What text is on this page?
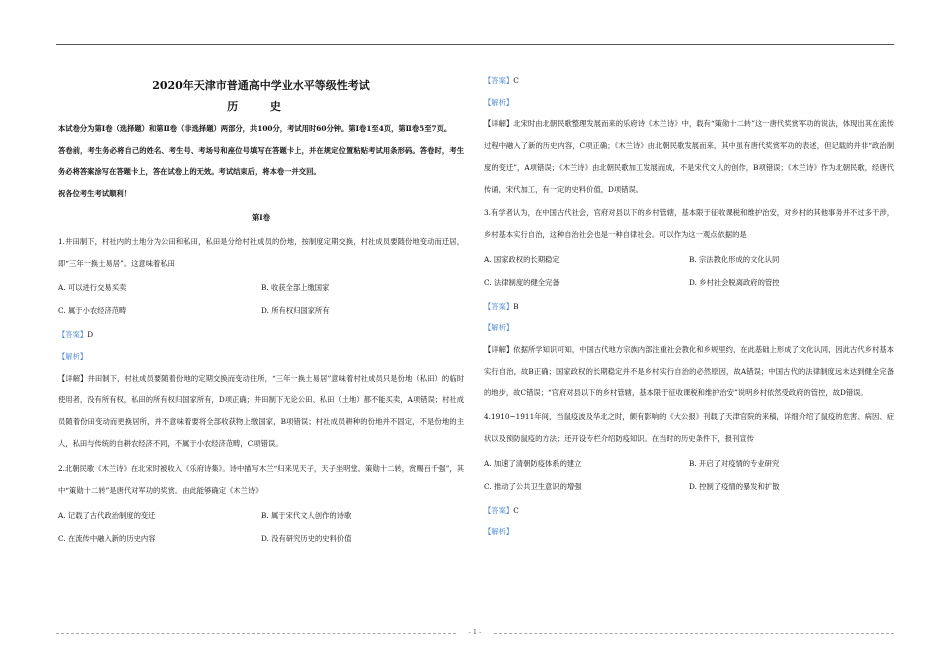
2020年天津市普通高中学业水平等级性考试
历 史

本试卷分为第Ⅰ卷（选择题）和第Ⅱ卷（非选择题）两部分，共100分，考试用时60分钟。第Ⅰ卷1至4页，第Ⅱ卷5至7页。

答卷前，考生务必将自己的姓名、考生号、考场号和座位号填写在答题卡上，并在规定位置粘贴考试用条形码。答卷时，考生务必将答案涂写在答题卡上，答在试卷上的无效。考试结束后，将本卷一并交回。

祝各位考生考试顺利！

第Ⅰ卷

1.井田制下，村社内的土地分为公田和私田，私田是分给村社成员的份地，按制度定期交换，村社成员要随份地变动而迁居，即“三年一换土易居”。这意味着私田

A. 可以进行交易买卖	B. 收获全部上缴国家
C. 属于小农经济范畴	D. 所有权归国家所有

【答案】D

【解析】

【详解】井田制下，村社成员要随着份地的定期交换而变动住所，“三年一换土易居”意味着村社成员只是份地（私田）的临时使用者，没有所有权，私田的所有权归国家所有，D项正确；井田制下无论公田、私田（土地）都不能买卖，A项错误；村社成员随着份田变动而更换居所，并不意味着要将全部收获物上缴国家，B项错误；村社成员耕种的份地并不固定，不是份地的主人，私田与传统的自耕农经济不同，不属于小农经济范畴，C项错误。

2.北朝民歌《木兰诗》在北宋时被收入《乐府诗集》。诗中描写木兰“归来见天子，天子坐明堂。策勋十二转，赏赐百千强”，其中“策勋十二转”是唐代对军功的奖赏。由此能够确定《木兰诗》

A. 记载了古代政治制度的变迁	B. 属于宋代文人创作的诗歌
C. 在流传中融入新的历史内容	D. 没有研究历史的史料价值

【答案】C

【解析】

【详解】北宋时由北朝民歌整理发展而来的乐府诗《木兰诗》中，载有“策勋十二转”这一唐代奖赏军功的说法，体现出其在流传过程中融入了新的历史内容，C项正确；《木兰诗》由北朝民歌发展而来，其中虽有唐代奖赏军功的表述，但记载的并非“政治制度的变迁”，A项错误；《木兰诗》由北朝民歌加工发展而成，不是宋代文人的创作，B项错误；《木兰诗》作为北朝民歌，经唐代传诵，宋代加工，有一定的史料价值，D项错误。

3.有学者认为，在中国古代社会，官府对县以下的乡村管辖，基本限于征收课税和维护治安，对乡村的其他事务并不过多干涉，乡村基本实行自治，这种自治社会也是一种自律社会。可以作为这一观点依据的是

A. 国家政权的长期稳定	B. 宗法教化形成的文化认同
C. 法律制度的健全完备	D. 乡村社会脱离政府的管控

【答案】B

【解析】

【详解】依据所学知识可知，中国古代地方宗族内部注重社会教化和乡规里约，在此基础上形成了文化认同，因此古代乡村基本实行自治，故B正确；国家政权的长期稳定并不是乡村实行自治的必然原因，故A错误；中国古代的法律制度远未达到健全完备的地步，故C错误；“官府对县以下的乡村管辖，基本限于征收课税和维护治安”说明乡村依然受政府的管控，故D错误。

4.1910~1911年间，当鼠疫波及华北之时，颇有影响的《大公报》刊载了天津官院的来稿，详细介绍了鼠疫的危害、病因、症状以及预防鼠疫的方法；还开设专栏介绍防疫知识。在当时的历史条件下，报刊宣传

A. 加速了清朝防疫体系的建立	B. 开启了对疫情的专业研究
C. 推动了公共卫生意识的增强	D. 控制了疫情的暴发和扩散

【答案】C

【解析】

- 1 -
